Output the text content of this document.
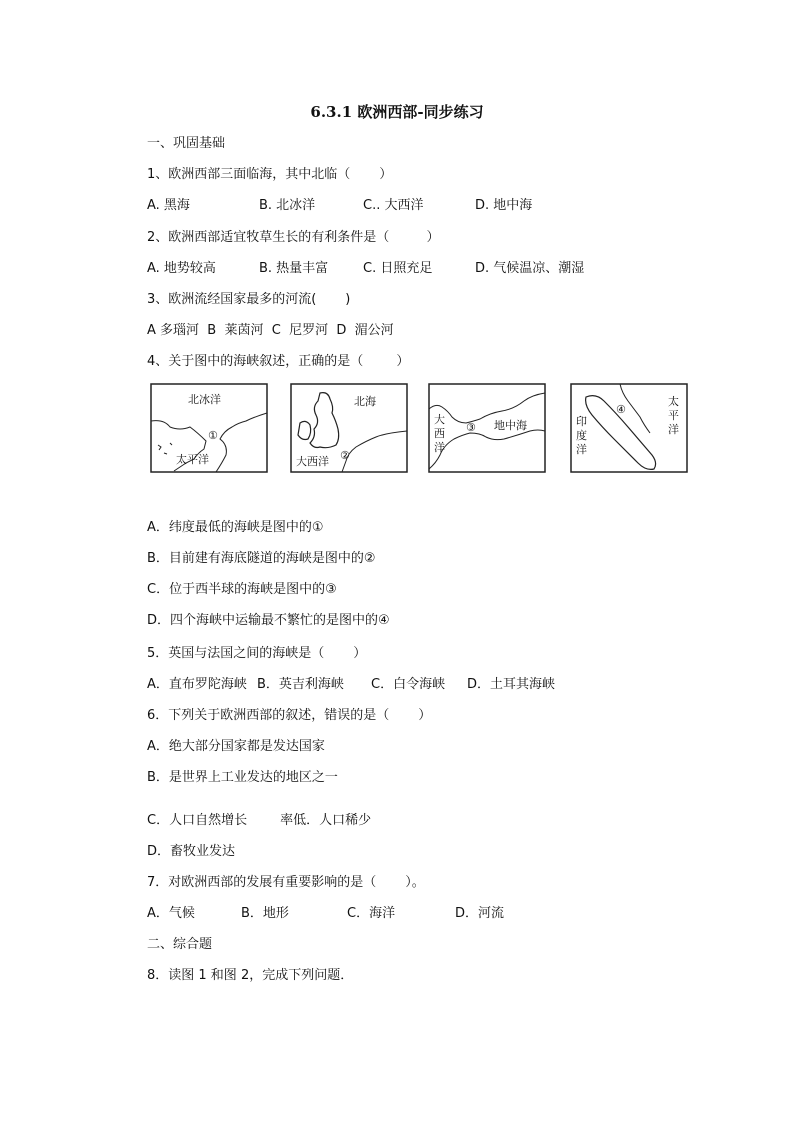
6.3.1 欧洲西部-同步练习
一、巩固基础
1、欧洲西部三面临海，其中北临（       ）
A. 黑海	B. 北冰洋	C.. 大西洋	D. 地中海
2、欧洲西部适宜牧草生长的有利条件是（         ）
A. 地势较高	B. 热量丰富	C. 日照充足	D. 气候温凉、潮湿
3、欧洲流经国家最多的河流(       )
A 多瑙河  B  莱茵河  C  尼罗河  D  湄公河
4、关于图中的海峡叙述，正确的是（        ）
北冰洋
①
太平洋
北海
大西洋 ②
大
西
洋
③ 地中海
④
太
平
洋
印
度
洋
A．纬度最低的海峡是图中的①
B．目前建有海底隧道的海峡是图中的②
C．位于西半球的海峡是图中的③
D．四个海峡中运输最不繁忙的是图中的④
5．英国与法国之间的海峡是（       ）
A．直布罗陀海峡 B．英吉利海峡 C．白令海峡 D．土耳其海峡
6．下列关于欧洲西部的叙述，错误的是（       ）
A．绝大部分国家都是发达国家
B．是世界上工业发达的地区之一
C．人口自然增长        率低．人口稀少
D．畜牧业发达
7．对欧洲西部的发展有重要影响的是（       ）。
A．气候	B．地形	C．海洋	D．河流
二、综合题
8．读图 1 和图 2，完成下列问题．
